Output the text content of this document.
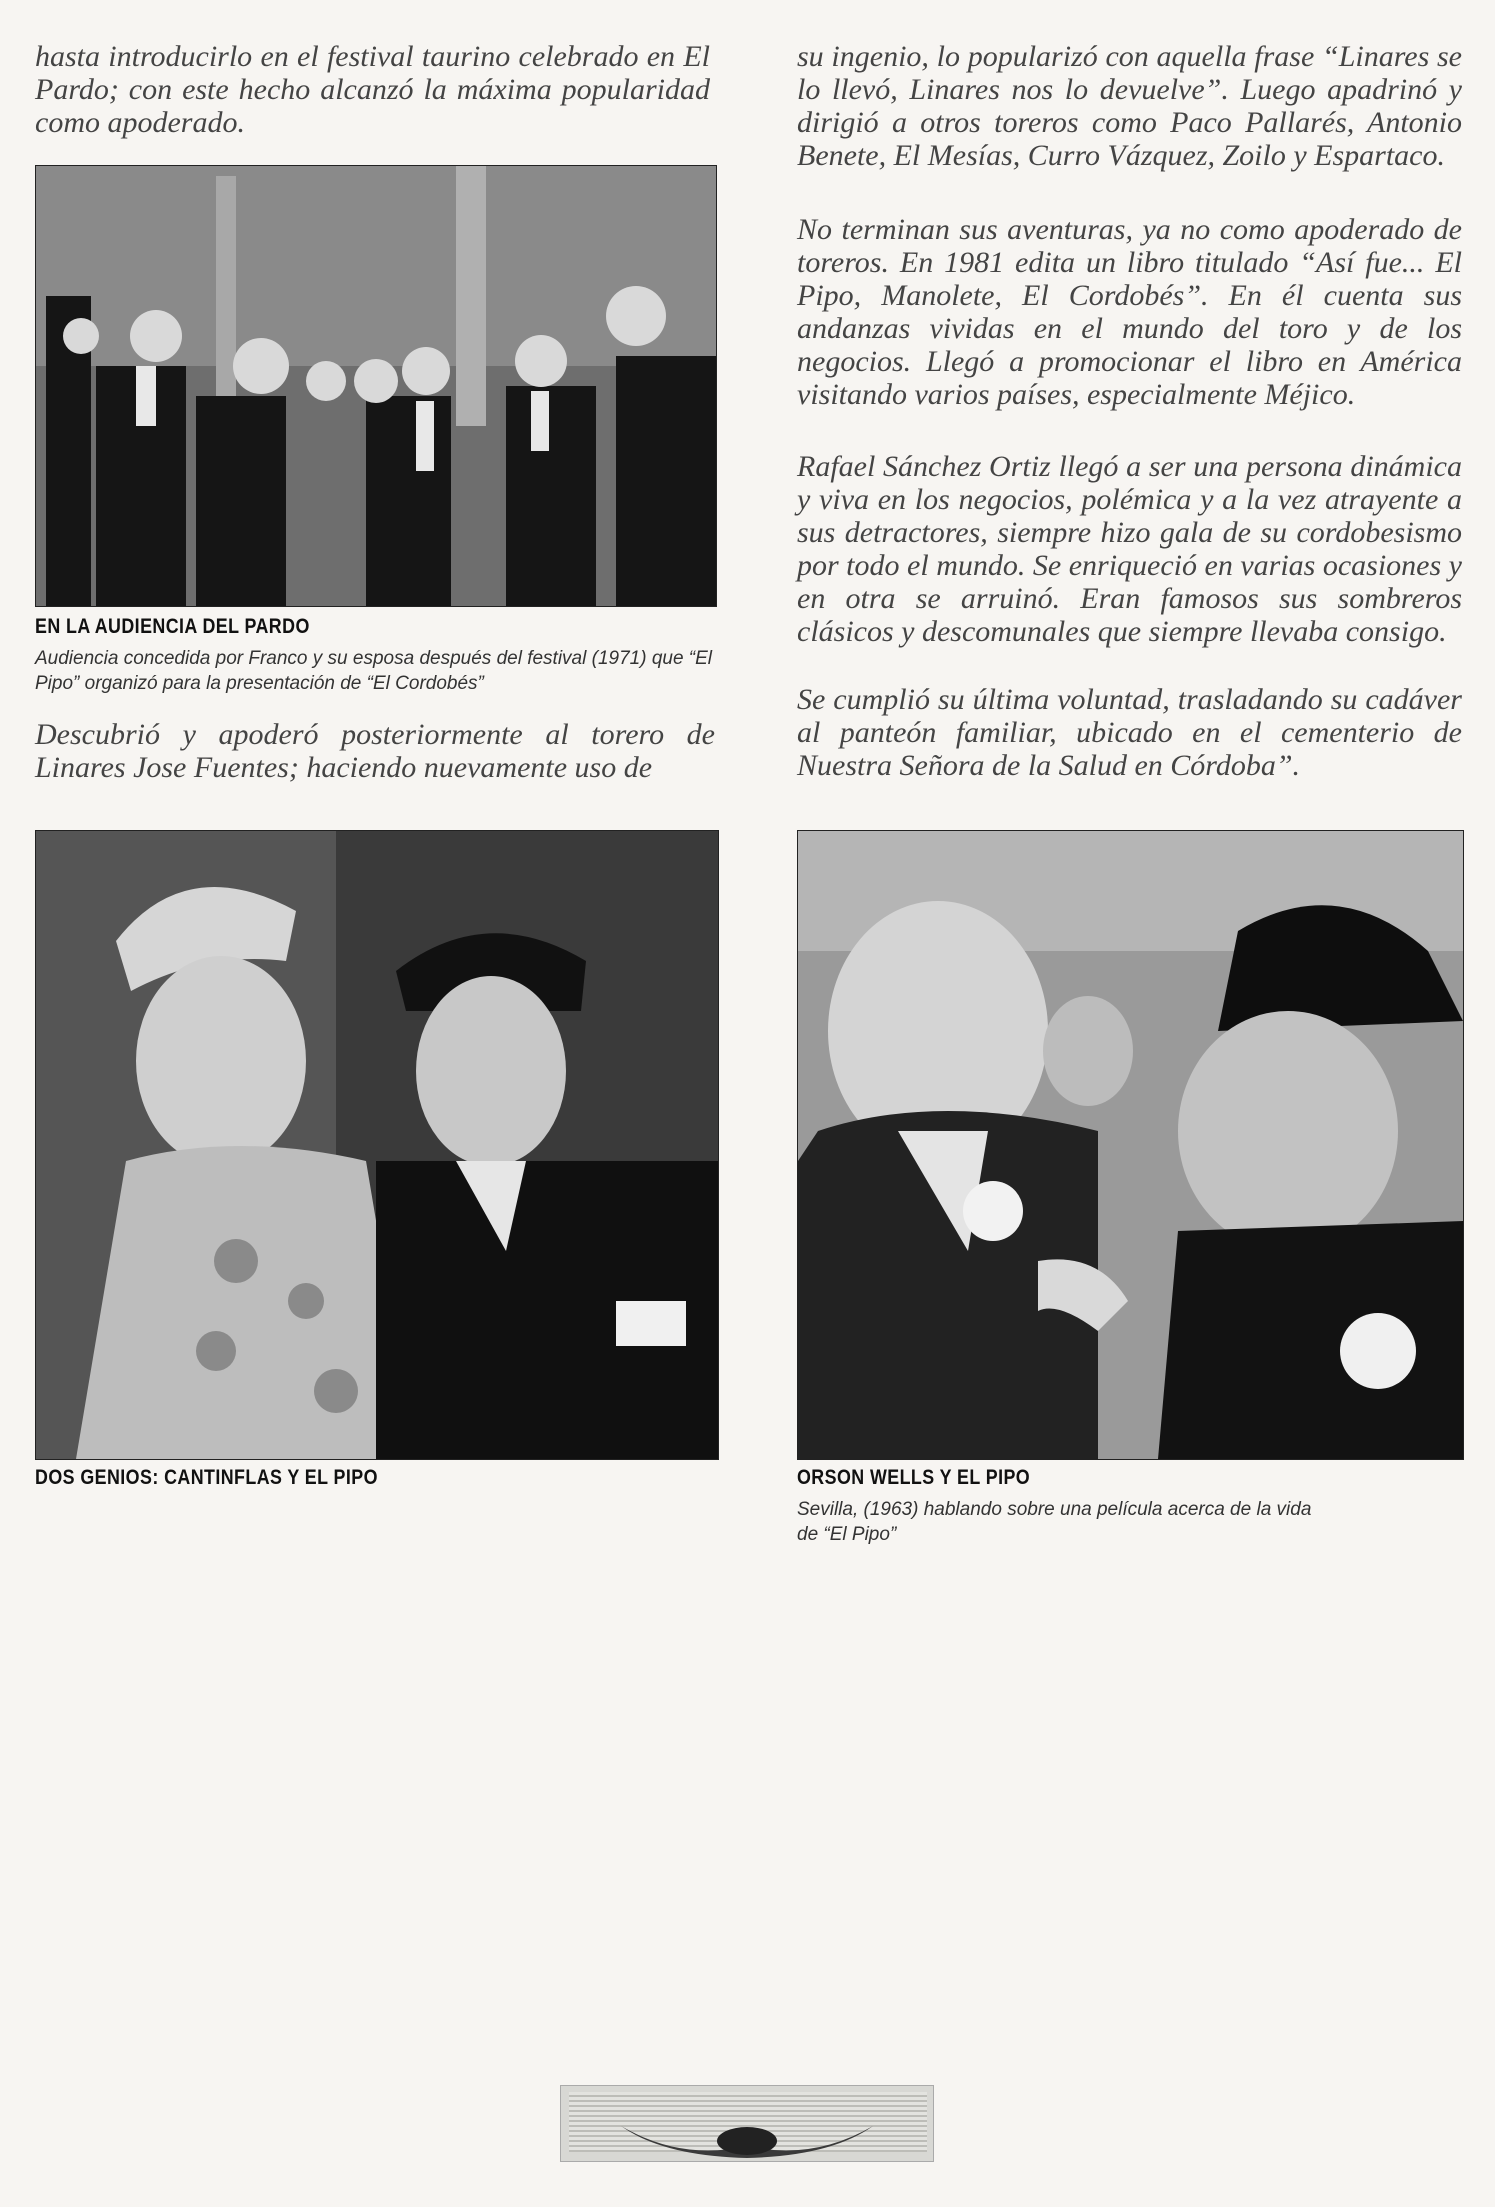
hasta introducirlo en el festival taurino celebrado en El Pardo; con este hecho alcanzó la máxima popularidad como apoderado.

EN LA AUDIENCIA DEL PARDO
Audiencia concedida por Franco y su esposa después del festival (1971) que “El Pipo” organizó para la presentación de “El Cordobés”

Descubrió y apoderó posteriormente al torero de Linares Jose Fuentes; haciendo nuevamente uso de

su ingenio, lo popularizó con aquella frase “Linares se lo llevó, Linares nos lo devuelve”. Luego apadrinó y dirigió a otros toreros como Paco Pallarés, Antonio Benete, El Mesías, Curro Vázquez, Zoilo y Espartaco.

No terminan sus aventuras, ya no como apoderado de toreros. En 1981 edita un libro titulado “Así fue... El Pipo, Manolete, El Cordobés”. En él cuenta sus andanzas vividas en el mundo del toro y de los negocios. Llegó a promocionar el libro en América visitando varios países, especialmente Méjico.

Rafael Sánchez Ortiz llegó a ser una persona dinámica y viva en los negocios, polémica y a la vez atrayente a sus detractores, siempre hizo gala de su cordobesismo por todo el mundo. Se enriqueció en varias ocasiones y en otra se arruinó. Eran famosos sus sombreros clásicos y descomunales que siempre llevaba consigo.

Se cumplió su última voluntad, trasladando su cadáver al panteón familiar, ubicado en el cementerio de Nuestra Señora de la Salud en Córdoba”.

DOS GENIOS: CANTINFLAS Y EL PIPO	ORSON WELLS Y EL PIPO
Sevilla, (1963) hablando sobre una película acerca de la vida de “El Pipo”
